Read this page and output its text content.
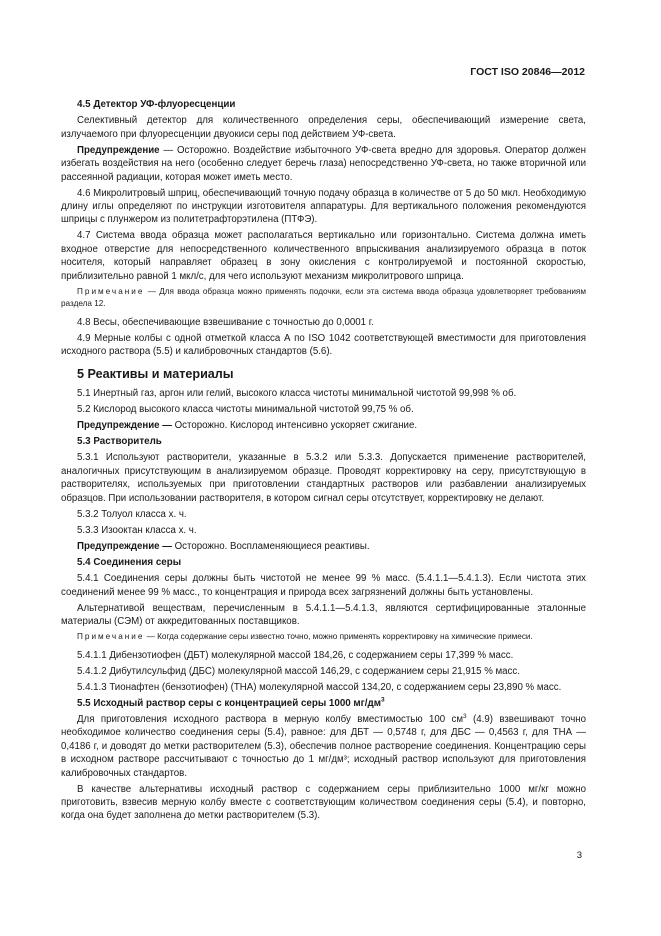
ГОСТ ISO 20846—2012
4.5 Детектор УФ-флуоресценции

Селективный детектор для количественного определения серы, обеспечивающий измерение света, излучаемого при флуоресценции двуокиси серы под действием УФ-света.

Предупреждение — Осторожно. Воздействие избыточного УФ-света вредно для здоровья. Оператор должен избегать воздействия на него (особенно следует беречь глаза) непосредственно УФ-света, но также вторичной или рассеянной радиации, которая может иметь место.

4.6 Микролитровый шприц, обеспечивающий точную подачу образца в количестве от 5 до 50 мкл. Необходимую длину иглы определяют по инструкции изготовителя аппаратуры. Для вертикального положения рекомендуются шприцы с плунжером из политетрафторэтилена (ПТФЭ).

4.7 Система ввода образца может располагаться вертикально или горизонтально. Система должна иметь входное отверстие для непосредственного количественного впрыскивания анализируемого образца в поток носителя, который направляет образец в зону окисления с контролируемой и постоянной скоростью, приблизительно равной 1 мкл/с, для чего используют механизм микролитрового шприца.

Примечание — Для ввода образца можно применять подочки, если эта система ввода образца удовлетворяет требованиям раздела 12.

4.8 Весы, обеспечивающие взвешивание с точностью до 0,0001 г.

4.9 Мерные колбы с одной отметкой класса А по ISO 1042 соответствующей вместимости для приготовления исходного раствора (5.5) и калибровочных стандартов (5.6).

5 Реактивы и материалы

5.1 Инертный газ, аргон или гелий, высокого класса чистоты минимальной чистотой 99,998 % об.

5.2 Кислород высокого класса чистоты минимальной чистотой 99,75 % об.

Предупреждение — Осторожно. Кислород интенсивно ускоряет сжигание.

5.3 Растворитель

5.3.1 Используют растворители, указанные в 5.3.2 или 5.3.3. Допускается применение растворителей, аналогичных присутствующим в анализируемом образце. Проводят корректировку на серу, присутствующую в растворителях, используемых при приготовлении стандартных растворов или разбавлении анализируемых образцов. При использовании растворителя, в котором сигнал серы отсутствует, корректировку не делают.

5.3.2 Толуол класса х. ч.

5.3.3 Изооктан класса х. ч.

Предупреждение — Осторожно. Воспламеняющиеся реактивы.

5.4 Соединения серы

5.4.1 Соединения серы должны быть чистотой не менее 99 % масс. (5.4.1.1—5.4.1.3). Если чистота этих соединений менее 99 % масс., то концентрация и природа всех загрязнений должны быть установлены.

Альтернативой веществам, перечисленным в 5.4.1.1—5.4.1.3, являются сертифицированные эталонные материалы (СЭМ) от аккредитованных поставщиков.

Примечание — Когда содержание серы известно точно, можно применять корректировку на химические примеси.

5.4.1.1 Дибензотиофен (ДБТ) молекулярной массой 184,26, с содержанием серы 17,399 % масс.

5.4.1.2 Дибутилсульфид (ДБС) молекулярной массой 146,29, с содержанием серы 21,915 % масс.

5.4.1.3 Тионафтен (бензотиофен) (ТНА) молекулярной массой 134,20, с содержанием серы 23,890 % масс.

5.5 Исходный раствор серы с концентрацией серы 1000 $мг/дм^3$

Для приготовления исходного раствора в мерную колбу вместимостью 100 $см^3$ (4.9) взвешивают точно необходимое количество соединения серы (5.4), равное: для ДБТ — 0,5748 г, для ДБС — 0,4563 г, для ТНА — 0,4186 г, и доводят до метки растворителем (5.3), обеспечив полное растворение соединения. Концентрацию серы в исходном растворе рассчитывают с точностью до 1 мг/дм³; исходный раствор используют для приготовления калибровочных стандартов.

В качестве альтернативы исходный раствор с содержанием серы приблизительно 1000 мг/кг можно приготовить, взвесив мерную колбу вместе с соответствующим количеством соединения серы (5.4), и повторно, когда она будет заполнена до метки растворителем (5.3).

3
